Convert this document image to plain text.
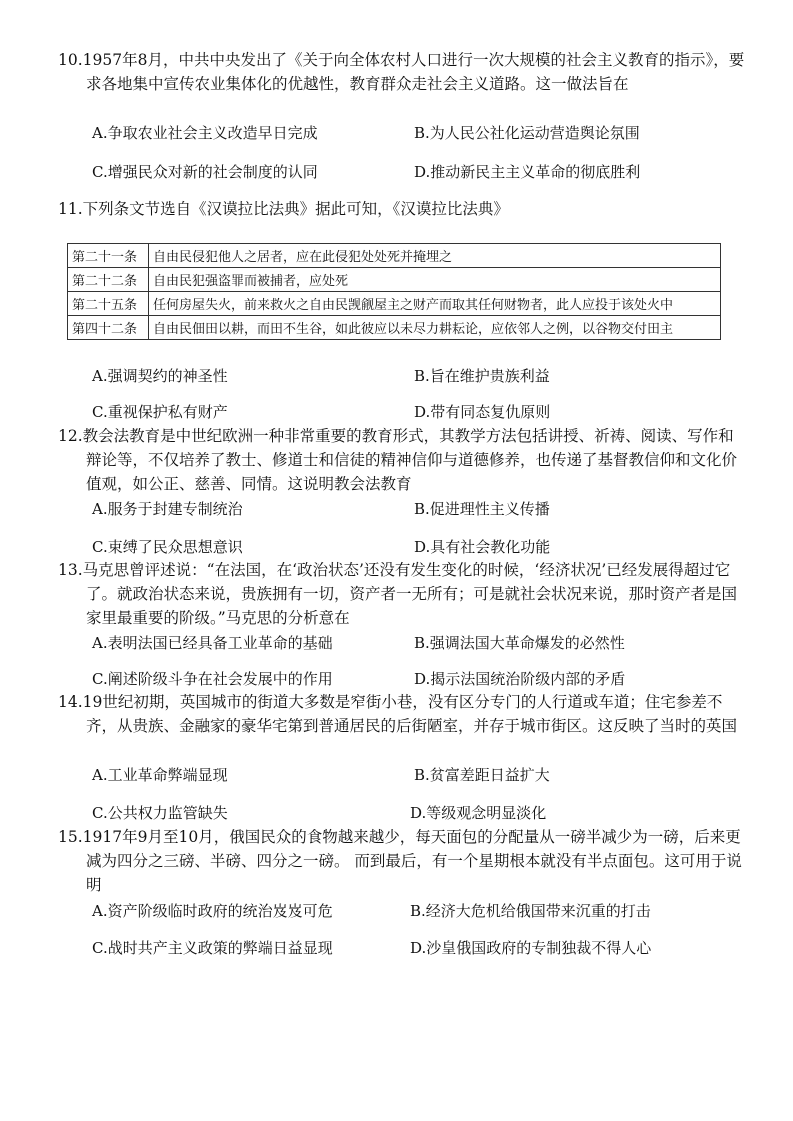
10.1957年8月，中共中央发出了《关于向全体农村人口进行一次大规模的社会主义教育的指示》，要求各地集中宣传农业集体化的优越性，教育群众走社会主义道路。这一做法旨在

A.争取农业社会主义改造早日完成	B.为人民公社化运动营造舆论氛围
C.增强民众对新的社会制度的认同	D.推动新民主主义革命的彻底胜利

11.下列条文节选自《汉谟拉比法典》据此可知，《汉谟拉比法典》

第二十一条	自由民侵犯他人之居者，应在此侵犯处处死并掩埋之
第二十二条	自由民犯强盗罪而被捕者，应处死
第二十五条	任何房屋失火，前来救火之自由民觊觎屋主之财产而取其任何财物者，此人应投于该处火中
第四十二条	自由民佃田以耕，而田不生谷，如此彼应以未尽力耕耘论，应依邻人之例，以谷物交付田主
A.强调契约的神圣性	B.旨在维护贵族利益
C.重视保护私有财产	D.带有同态复仇原则

12.教会法教育是中世纪欧洲一种非常重要的教育形式，其教学方法包括讲授、祈祷、阅读、写作和辩论等，不仅培养了教士、修道士和信徒的精神信仰与道德修养，也传递了基督教信仰和文化价值观，如公正、慈善、同情。这说明教会法教育

A.服务于封建专制统治	B.促进理性主义传播
C.束缚了民众思想意识	D.具有社会教化功能

13.马克思曾评述说：“在法国，在‘政治状态’还没有发生变化的时候，‘经济状况’已经发展得超过它了。就政治状态来说，贵族拥有一切，资产者一无所有；可是就社会状况来说，那时资产者是国家里最重要的阶级。”马克思的分析意在

A.表明法国已经具备工业革命的基础	B.强调法国大革命爆发的必然性
C.阐述阶级斗争在社会发展中的作用	D.揭示法国统治阶级内部的矛盾

14.19世纪初期，英国城市的街道大多数是窄街小巷，没有区分专门的人行道或车道；住宅参差不齐，从贵族、金融家的豪华宅第到普通居民的后街陋室，并存于城市街区。这反映了当时的英国

A.工业革命弊端显现	B.贫富差距日益扩大
C.公共权力监管缺失	D.等级观念明显淡化

15.1917年9月至10月，俄国民众的食物越来越少，每天面包的分配量从一磅半减少为一磅，后来更减为四分之三磅、半磅、四分之一磅。 而到最后，有一个星期根本就没有半点面包。这可用于说明

A.资产阶级临时政府的统治岌岌可危	B.经济大危机给俄国带来沉重的打击
C.战时共产主义政策的弊端日益显现	D.沙皇俄国政府的专制独裁不得人心
